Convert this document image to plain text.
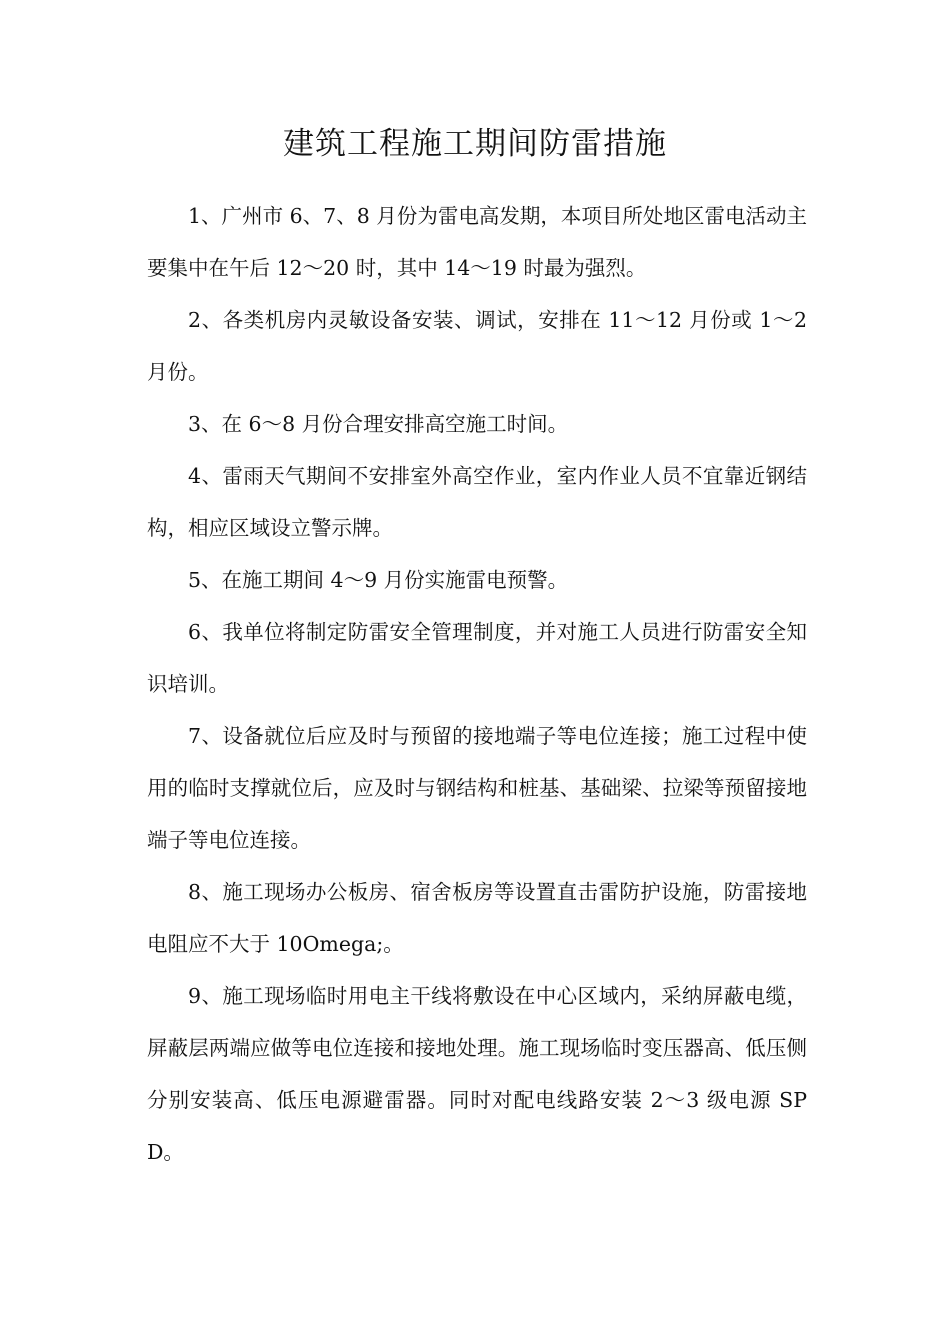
建筑工程施工期间防雷措施

1、广州市 6、7、8 月份为雷电高发期，本项目所处地区雷电活动主要集中在午后 12～20 时，其中 14～19 时最为强烈。

2、各类机房内灵敏设备安装、调试，安排在 11～12 月份或 1～2 月份。

3、在 6～8 月份合理安排高空施工时间。

4、雷雨天气期间不安排室外高空作业，室内作业人员不宜靠近钢结构，相应区域设立警示牌。

5、在施工期间 4～9 月份实施雷电预警。

6、我单位将制定防雷安全管理制度，并对施工人员进行防雷安全知识培训。

7、设备就位后应及时与预留的接地端子等电位连接；施工过程中使用的临时支撑就位后，应及时与钢结构和桩基、基础梁、拉梁等预留接地端子等电位连接。

8、施工现场办公板房、宿舍板房等设置直击雷防护设施，防雷接地电阻应不大于 10Omega;。

9、施工现场临时用电主干线将敷设在中心区域内，采纳屏蔽电缆，屏蔽层两端应做等电位连接和接地处理。施工现场临时变压器高、低压侧分别安装高、低压电源避雷器。同时对配电线路安装 2～3 级电源 SPD。
